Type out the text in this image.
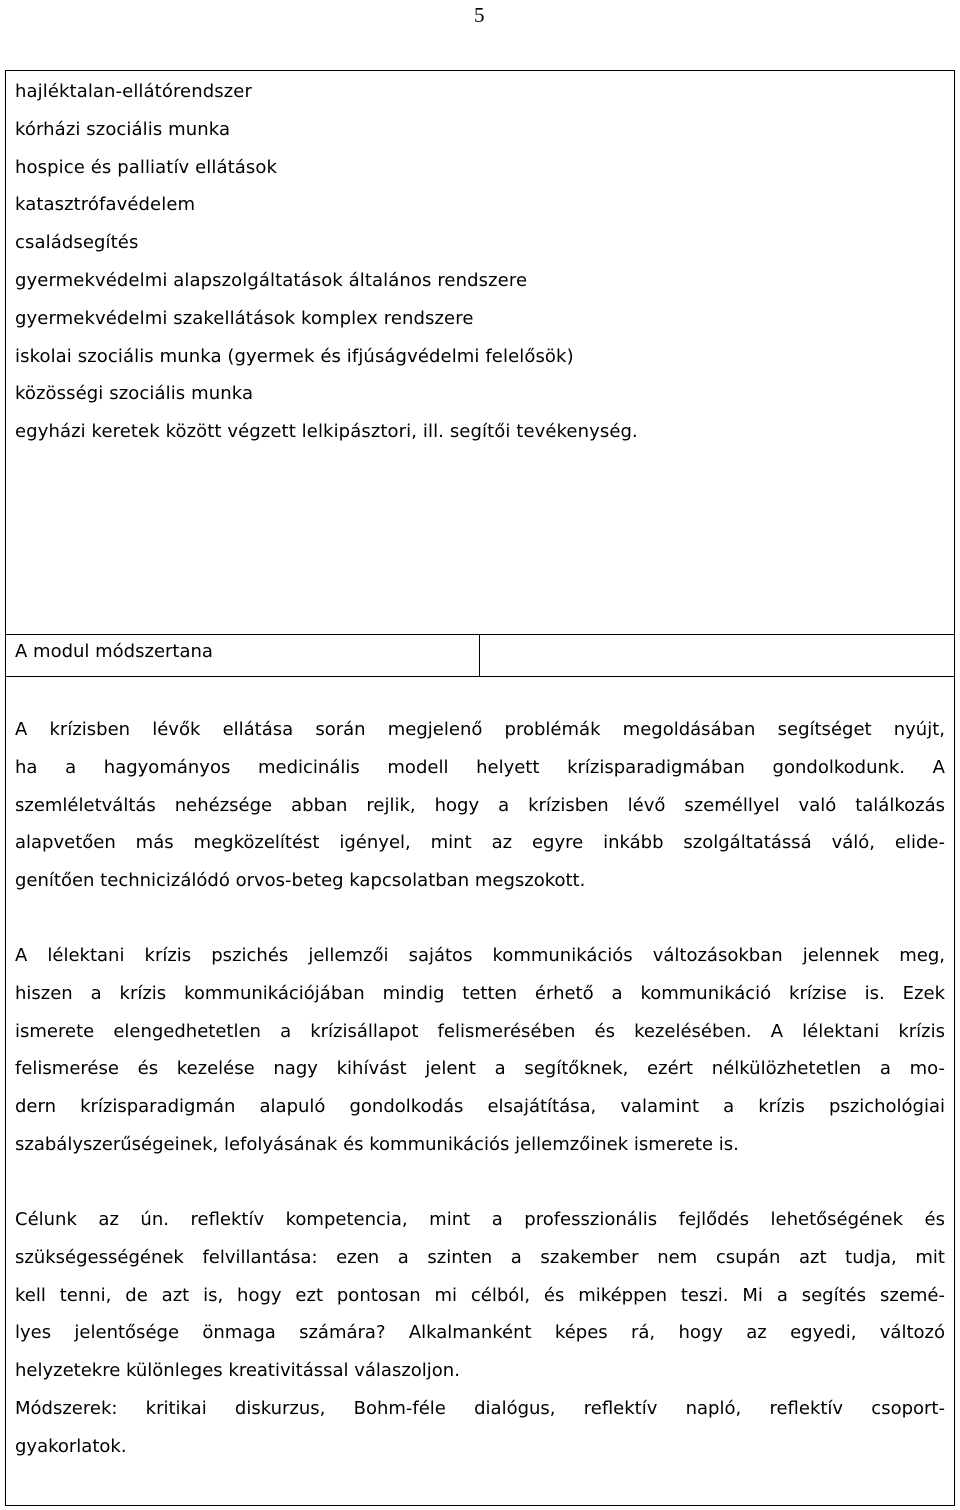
5
hajléktalan-ellátórendszer
kórházi szociális munka
hospice és palliatív ellátások
katasztrófavédelem
családsegítés
gyermekvédelmi alapszolgáltatások általános rendszere
gyermekvédelmi szakellátások komplex rendszere
iskolai szociális munka (gyermek és ifjúságvédelmi felelősök)
közösségi szociális munka
egyházi keretek között végzett lelkipásztori, ill. segítői tevékenység.
A modul módszertana
A krízisben lévők ellátása során megjelenő problémák megoldásában segítséget nyújt,
ha a hagyományos medicinális modell helyett krízisparadigmában gondolkodunk. A
szemléletváltás nehézsége abban rejlik, hogy a krízisben lévő személlyel való találkozás
alapvetően más megközelítést igényel, mint az egyre inkább szolgáltatássá váló, elide-
genítően technicizálódó orvos-beteg kapcsolatban megszokott.
A lélektani krízis pszichés jellemzői sajátos kommunikációs változásokban jelennek meg,
hiszen a krízis kommunikációjában mindig tetten érhető a kommunikáció krízise is. Ezek
ismerete elengedhetetlen a krízisállapot felismerésében és kezelésében. A lélektani krízis
felismerése és kezelése nagy kihívást jelent a segítőknek, ezért nélkülözhetetlen a mo-
dern krízisparadigmán alapuló gondolkodás elsajátítása, valamint a krízis pszichológiai
szabályszerűségeinek, lefolyásának és kommunikációs jellemzőinek ismerete is.
Célunk az ún. reflektív kompetencia, mint a professzionális fejlődés lehetőségének és
szükségességének felvillantása: ezen a szinten a szakember nem csupán azt tudja, mit
kell tenni, de azt is, hogy ezt pontosan mi célból, és miképpen teszi. Mi a segítés szemé-
lyes jelentősége önmaga számára? Alkalmanként képes rá, hogy az egyedi, változó
helyzetekre különleges kreativitással válaszoljon.
Módszerek: kritikai diskurzus, Bohm-féle dialógus, reflektív napló, reflektív csoport-
gyakorlatok.
